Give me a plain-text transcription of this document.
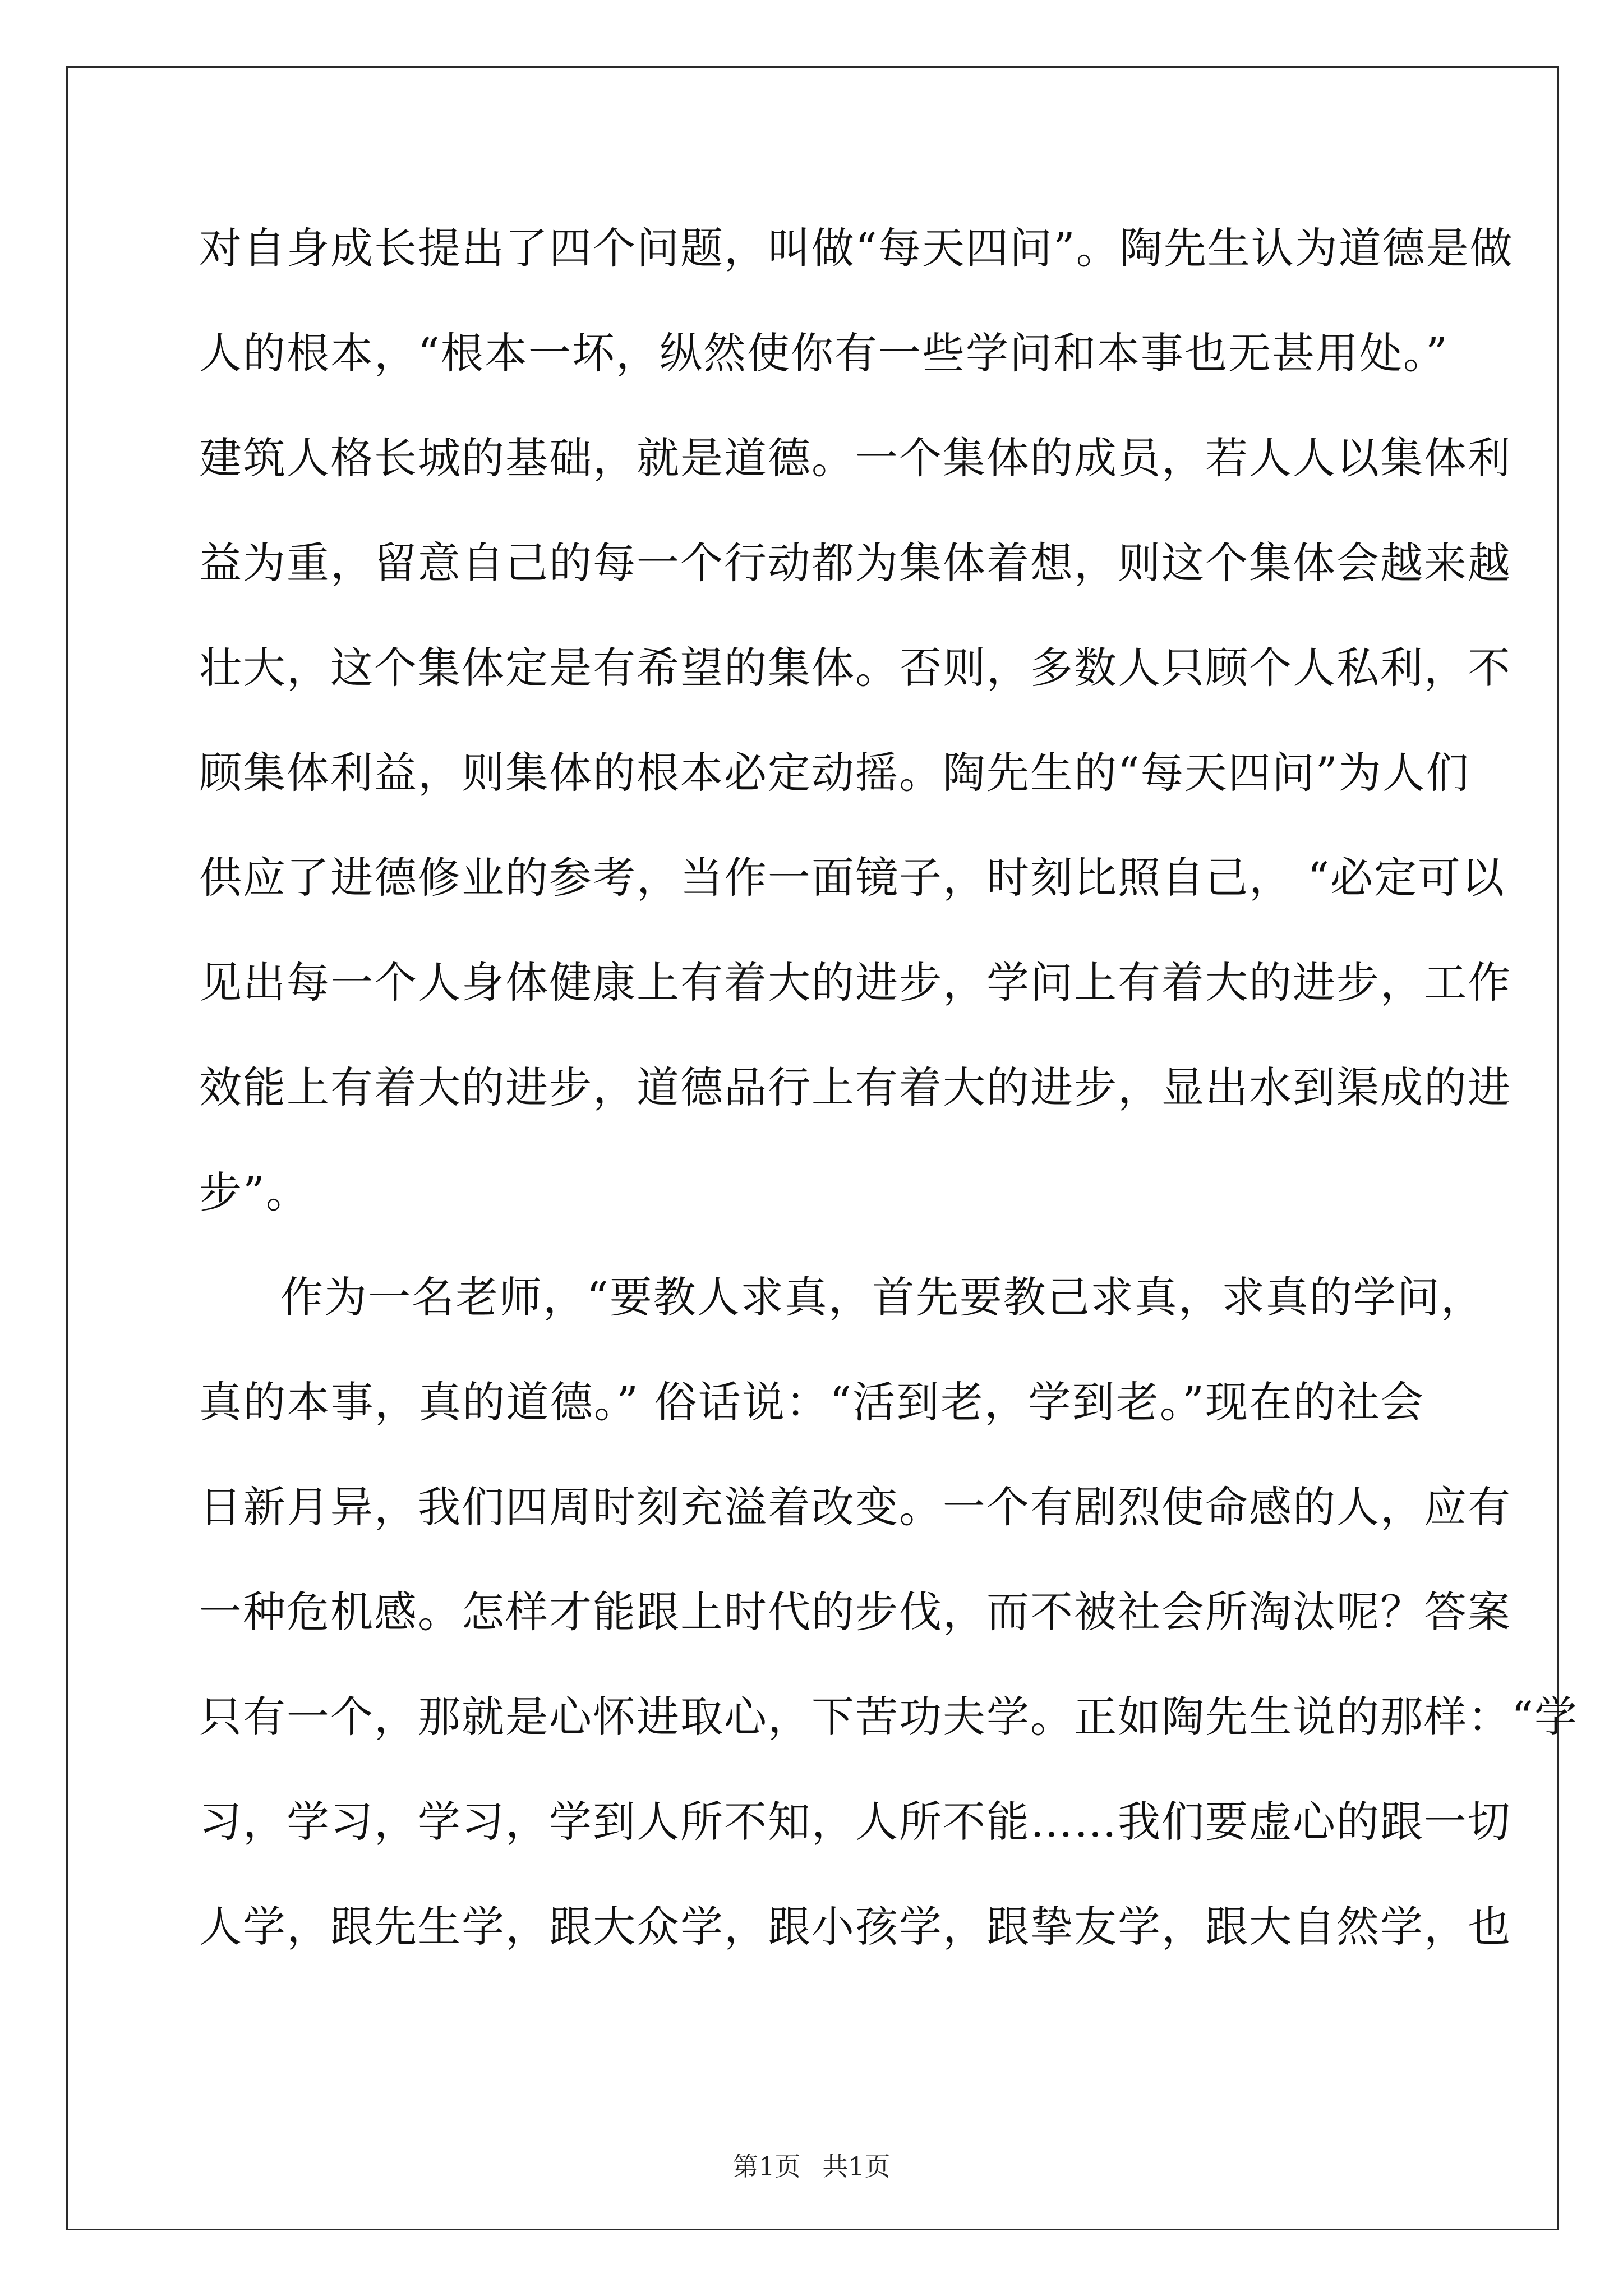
对自身成长提出了四个问题，叫做“每天四问”。陶先生认为道德是做
人的根本，“根本一坏，纵然使你有一些学问和本事也无甚用处。”
建筑人格长城的基础，就是道德。一个集体的成员，若人人以集体利
益为重，留意自己的每一个行动都为集体着想，则这个集体会越来越
壮大，这个集体定是有希望的集体。否则，多数人只顾个人私利，不
顾集体利益，则集体的根本必定动摇。陶先生的“每天四问”为人们
供应了进德修业的参考，当作一面镜子，时刻比照自己， “必定可以
见出每一个人身体健康上有着大的进步，学问上有着大的进步，工作
效能上有着大的进步，道德品行上有着大的进步，显出水到渠成的进
步”。
作为一名老师，“要教人求真，首先要教己求真，求真的学问，
真的本事，真的道德。” 俗话说：“活到老，学到老。”现在的社会
日新月异，我们四周时刻充溢着改变。一个有剧烈使命感的人，应有
一种危机感。怎样才能跟上时代的步伐，而不被社会所淘汰呢？答案
只有一个，那就是心怀进取心，下苦功夫学。正如陶先生说的那样：“学
习，学习，学习，学到人所不知，人所不能……我们要虚心的跟一切
人学，跟先生学，跟大众学，跟小孩学，跟挚友学，跟大自然学，也
第1页 共1页
